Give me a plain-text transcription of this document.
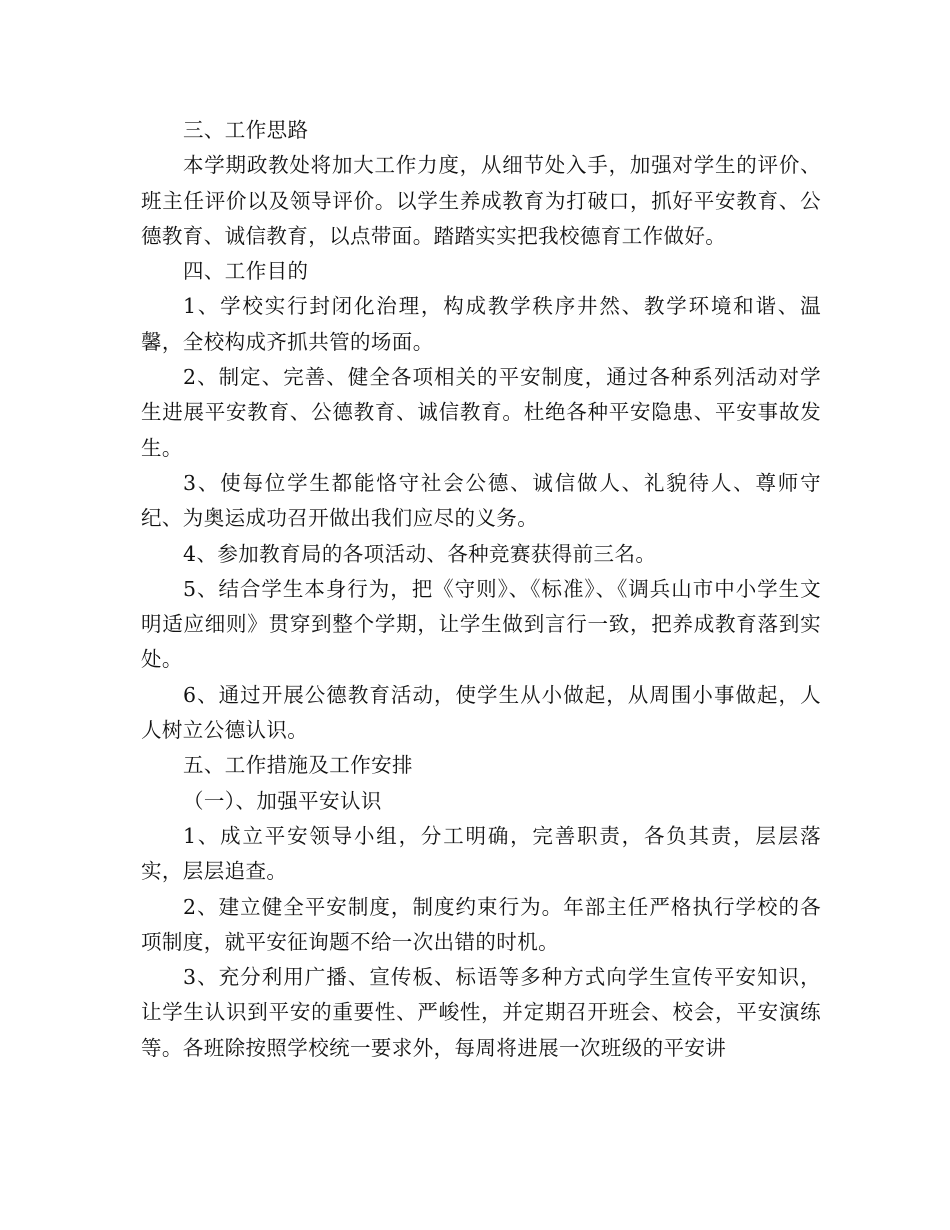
三、工作思路

本学期政教处将加大工作力度，从细节处入手，加强对学生的评价、班主任评价以及领导评价。以学生养成教育为打破口，抓好平安教育、公德教育、诚信教育，以点带面。踏踏实实把我校德育工作做好。

四、工作目的

1、学校实行封闭化治理，构成教学秩序井然、教学环境和谐、温馨，全校构成齐抓共管的场面。

2、制定、完善、健全各项相关的平安制度，通过各种系列活动对学生进展平安教育、公德教育、诚信教育。杜绝各种平安隐患、平安事故发生。

3、使每位学生都能恪守社会公德、诚信做人、礼貌待人、尊师守纪、为奥运成功召开做出我们应尽的义务。

4、参加教育局的各项活动、各种竞赛获得前三名。

5、结合学生本身行为，把《守则》、《标准》、《调兵山市中小学生文明适应细则》贯穿到整个学期，让学生做到言行一致，把养成教育落到实处。

6、通过开展公德教育活动，使学生从小做起，从周围小事做起，人人树立公德认识。

五、工作措施及工作安排

（一）、加强平安认识

1、成立平安领导小组，分工明确，完善职责，各负其责，层层落实，层层追查。

2、建立健全平安制度，制度约束行为。年部主任严格执行学校的各项制度，就平安征询题不给一次出错的时机。

3、充分利用广播、宣传板、标语等多种方式向学生宣传平安知识，让学生认识到平安的重要性、严峻性，并定期召开班会、校会，平安演练等。各班除按照学校统一要求外，每周将进展一次班级的平安讲
